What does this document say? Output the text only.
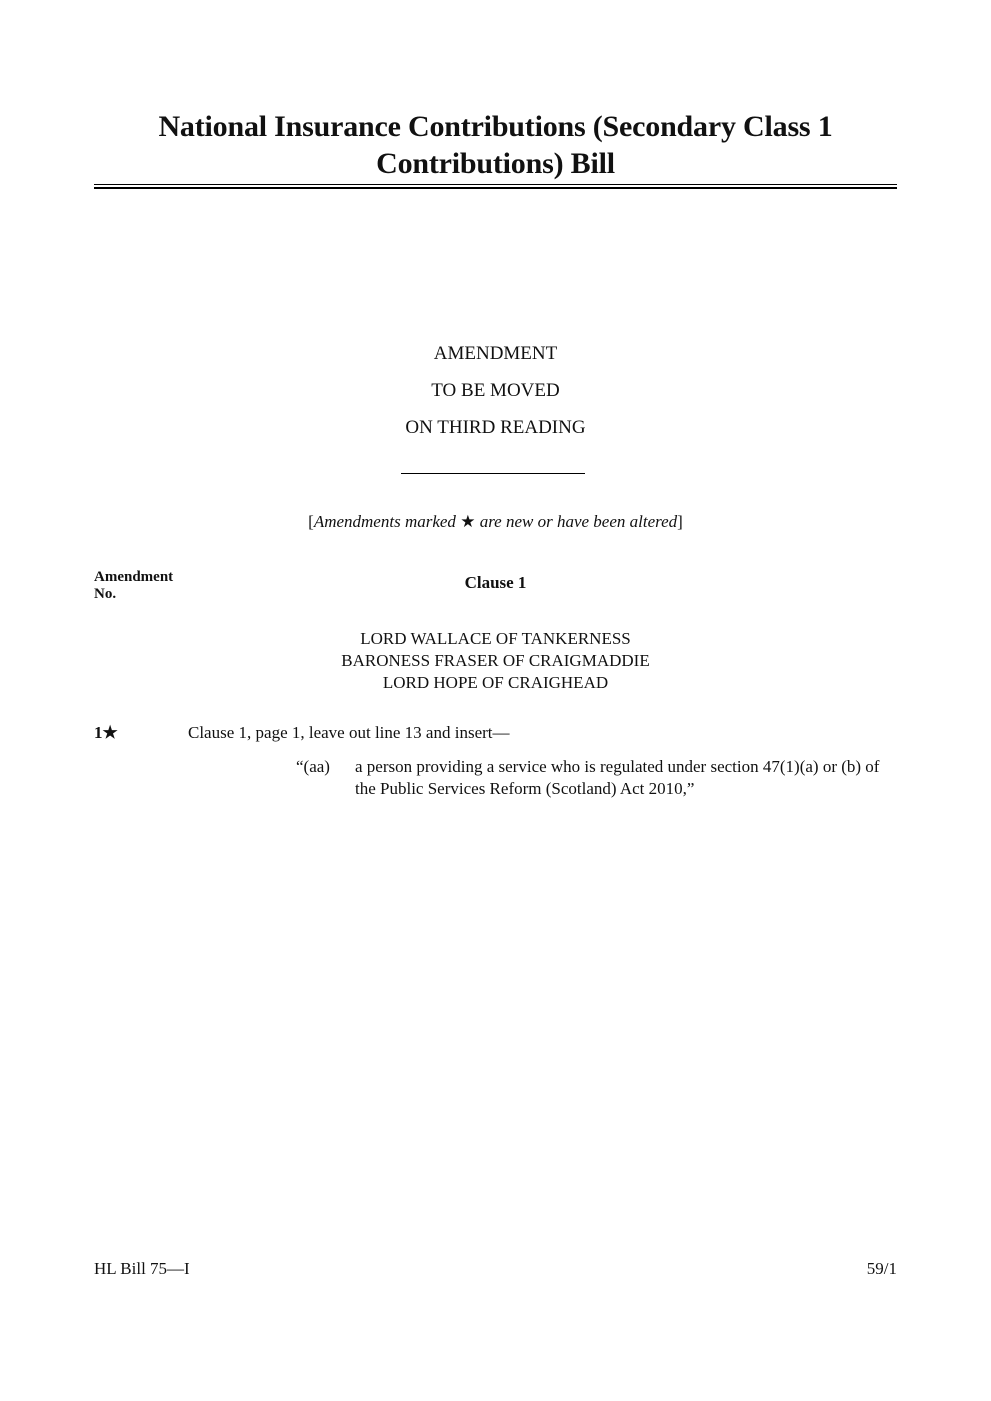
National Insurance Contributions (Secondary Class 1 Contributions) Bill
AMENDMENT
TO BE MOVED
ON THIRD READING
[Amendments marked ★ are new or have been altered]
Amendment
No.
Clause 1
LORD WALLACE OF TANKERNESS
BARONESS FRASER OF CRAIGMADDIE
LORD HOPE OF CRAIGHEAD
1★	Clause 1, page 1, leave out line 13 and insert—
“(aa) a person providing a service who is regulated under section 47(1)(a) or (b) of the Public Services Reform (Scotland) Act 2010,”
HL Bill 75—I	59/1
